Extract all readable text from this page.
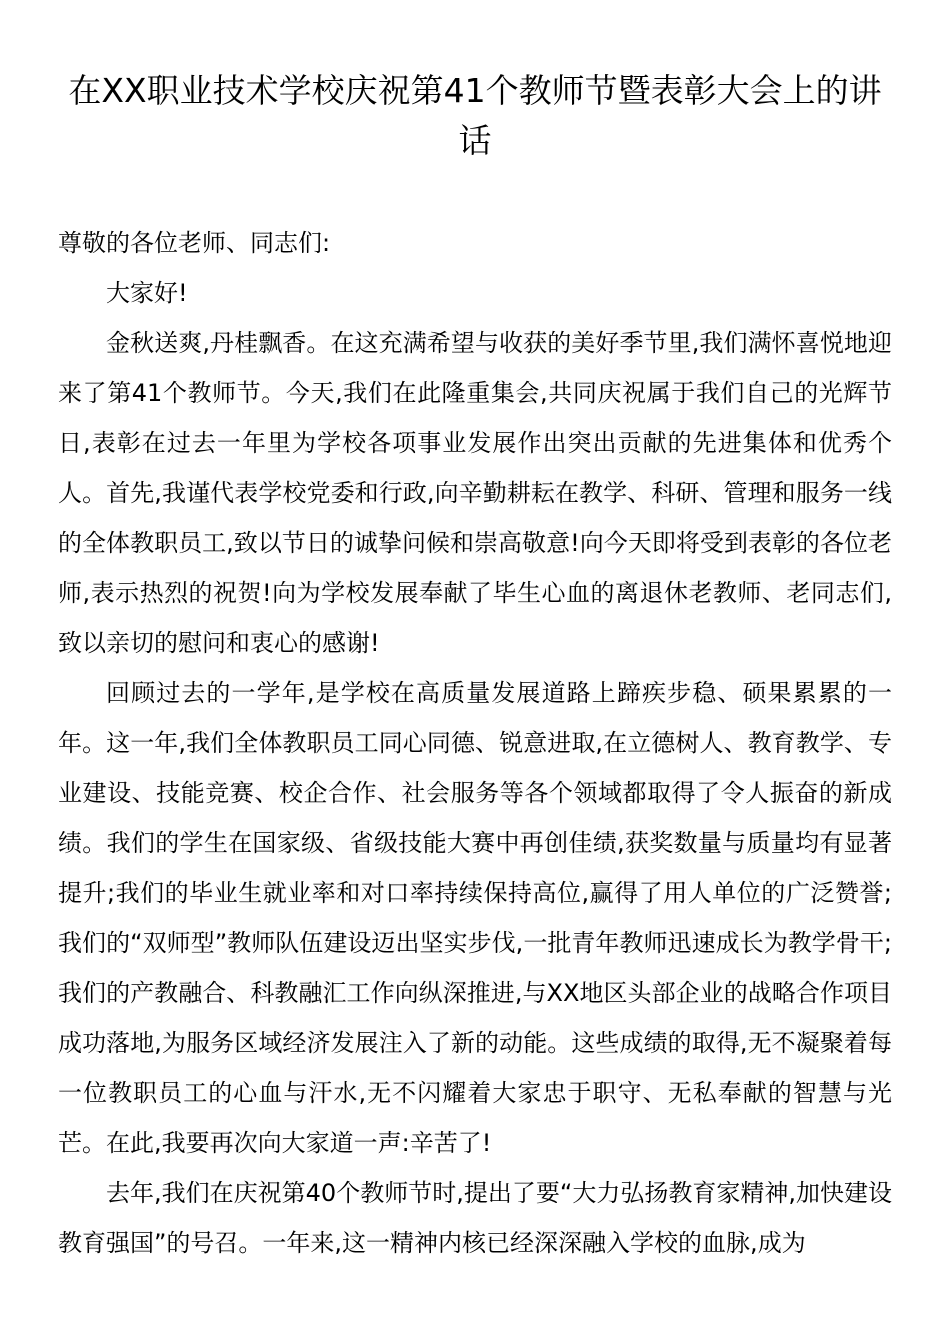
在XX职业技术学校庆祝第41个教师节暨表彰大会上的讲话

尊敬的各位老师、同志们:

大家好!

金秋送爽,丹桂飘香。在这充满希望与收获的美好季节里,我们满怀喜悦地迎来了第41个教师节。今天,我们在此隆重集会,共同庆祝属于我们自己的光辉节日,表彰在过去一年里为学校各项事业发展作出突出贡献的先进集体和优秀个人。首先,我谨代表学校党委和行政,向辛勤耕耘在教学、科研、管理和服务一线的全体教职员工,致以节日的诚挚问候和崇高敬意!向今天即将受到表彰的各位老师,表示热烈的祝贺!向为学校发展奉献了毕生心血的离退休老教师、老同志们,致以亲切的慰问和衷心的感谢!

回顾过去的一学年,是学校在高质量发展道路上蹄疾步稳、硕果累累的一年。这一年,我们全体教职员工同心同德、锐意进取,在立德树人、教育教学、专业建设、技能竞赛、校企合作、社会服务等各个领域都取得了令人振奋的新成绩。我们的学生在国家级、省级技能大赛中再创佳绩,获奖数量与质量均有显著提升;我们的毕业生就业率和对口率持续保持高位,赢得了用人单位的广泛赞誉;我们的“双师型”教师队伍建设迈出坚实步伐,一批青年教师迅速成长为教学骨干;我们的产教融合、科教融汇工作向纵深推进,与XX地区头部企业的战略合作项目成功落地,为服务区域经济发展注入了新的动能。这些成绩的取得,无不凝聚着每一位教职员工的心血与汗水,无不闪耀着大家忠于职守、无私奉献的智慧与光芒。在此,我要再次向大家道一声:辛苦了!

去年,我们在庆祝第40个教师节时,提出了要“大力弘扬教育家精神,加快建设教育强国”的号召。一年来,这一精神内核已经深深融入学校的血脉,成为
